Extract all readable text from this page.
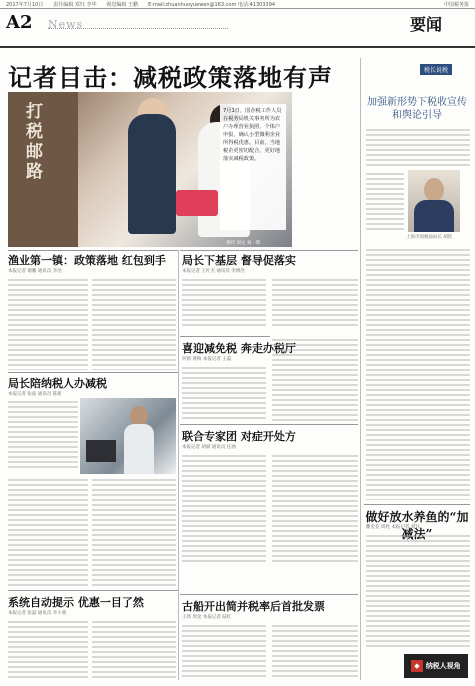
2017年7月10日 责任编辑 邓钰 李华 视觉编辑 王鹏 E-mail:zhuanhuoyuewen@163.com 电话:41303394	中国税务报
A2 News	要闻
记者目击：减税政策落地有声
打税邮路	7月1日，国企税工作人员在税务局机关事务所为农户办理营业执照、个体户申报，确认小型微利企业所得税优惠。目前，当地税企更密切配合，更好地落实减税政策。
黄代 刘文 刘一辉
渔业第一镇：政策落地 红包到手
本报记者 谢鹏 通讯员 李浩
局长下基层 督导促落实
本报记者 王红杰 通讯员 李博浩
喜迎减免税 奔走办税厅
何鹤 黄梅 本报记者 王磊
局长陪纳税人办减税
本报记者 张波 通讯员 陈新
联合专家团 对症开处方
本报记者 胡斌 通讯员 任涵
系统自动提示 优惠一目了然
本报记者 张磊 通讯员 李小燕
古船开出简并税率后首批发票
王琦 周龙 本报记者 陆红
税长说税
加强新形势下税收宣传和舆论引导
上海市国税局局长 胡钦
做好放水养鱼的“加减法”
衢金花 周姓 本报记者 邓钰
◆ 纳税人视角
